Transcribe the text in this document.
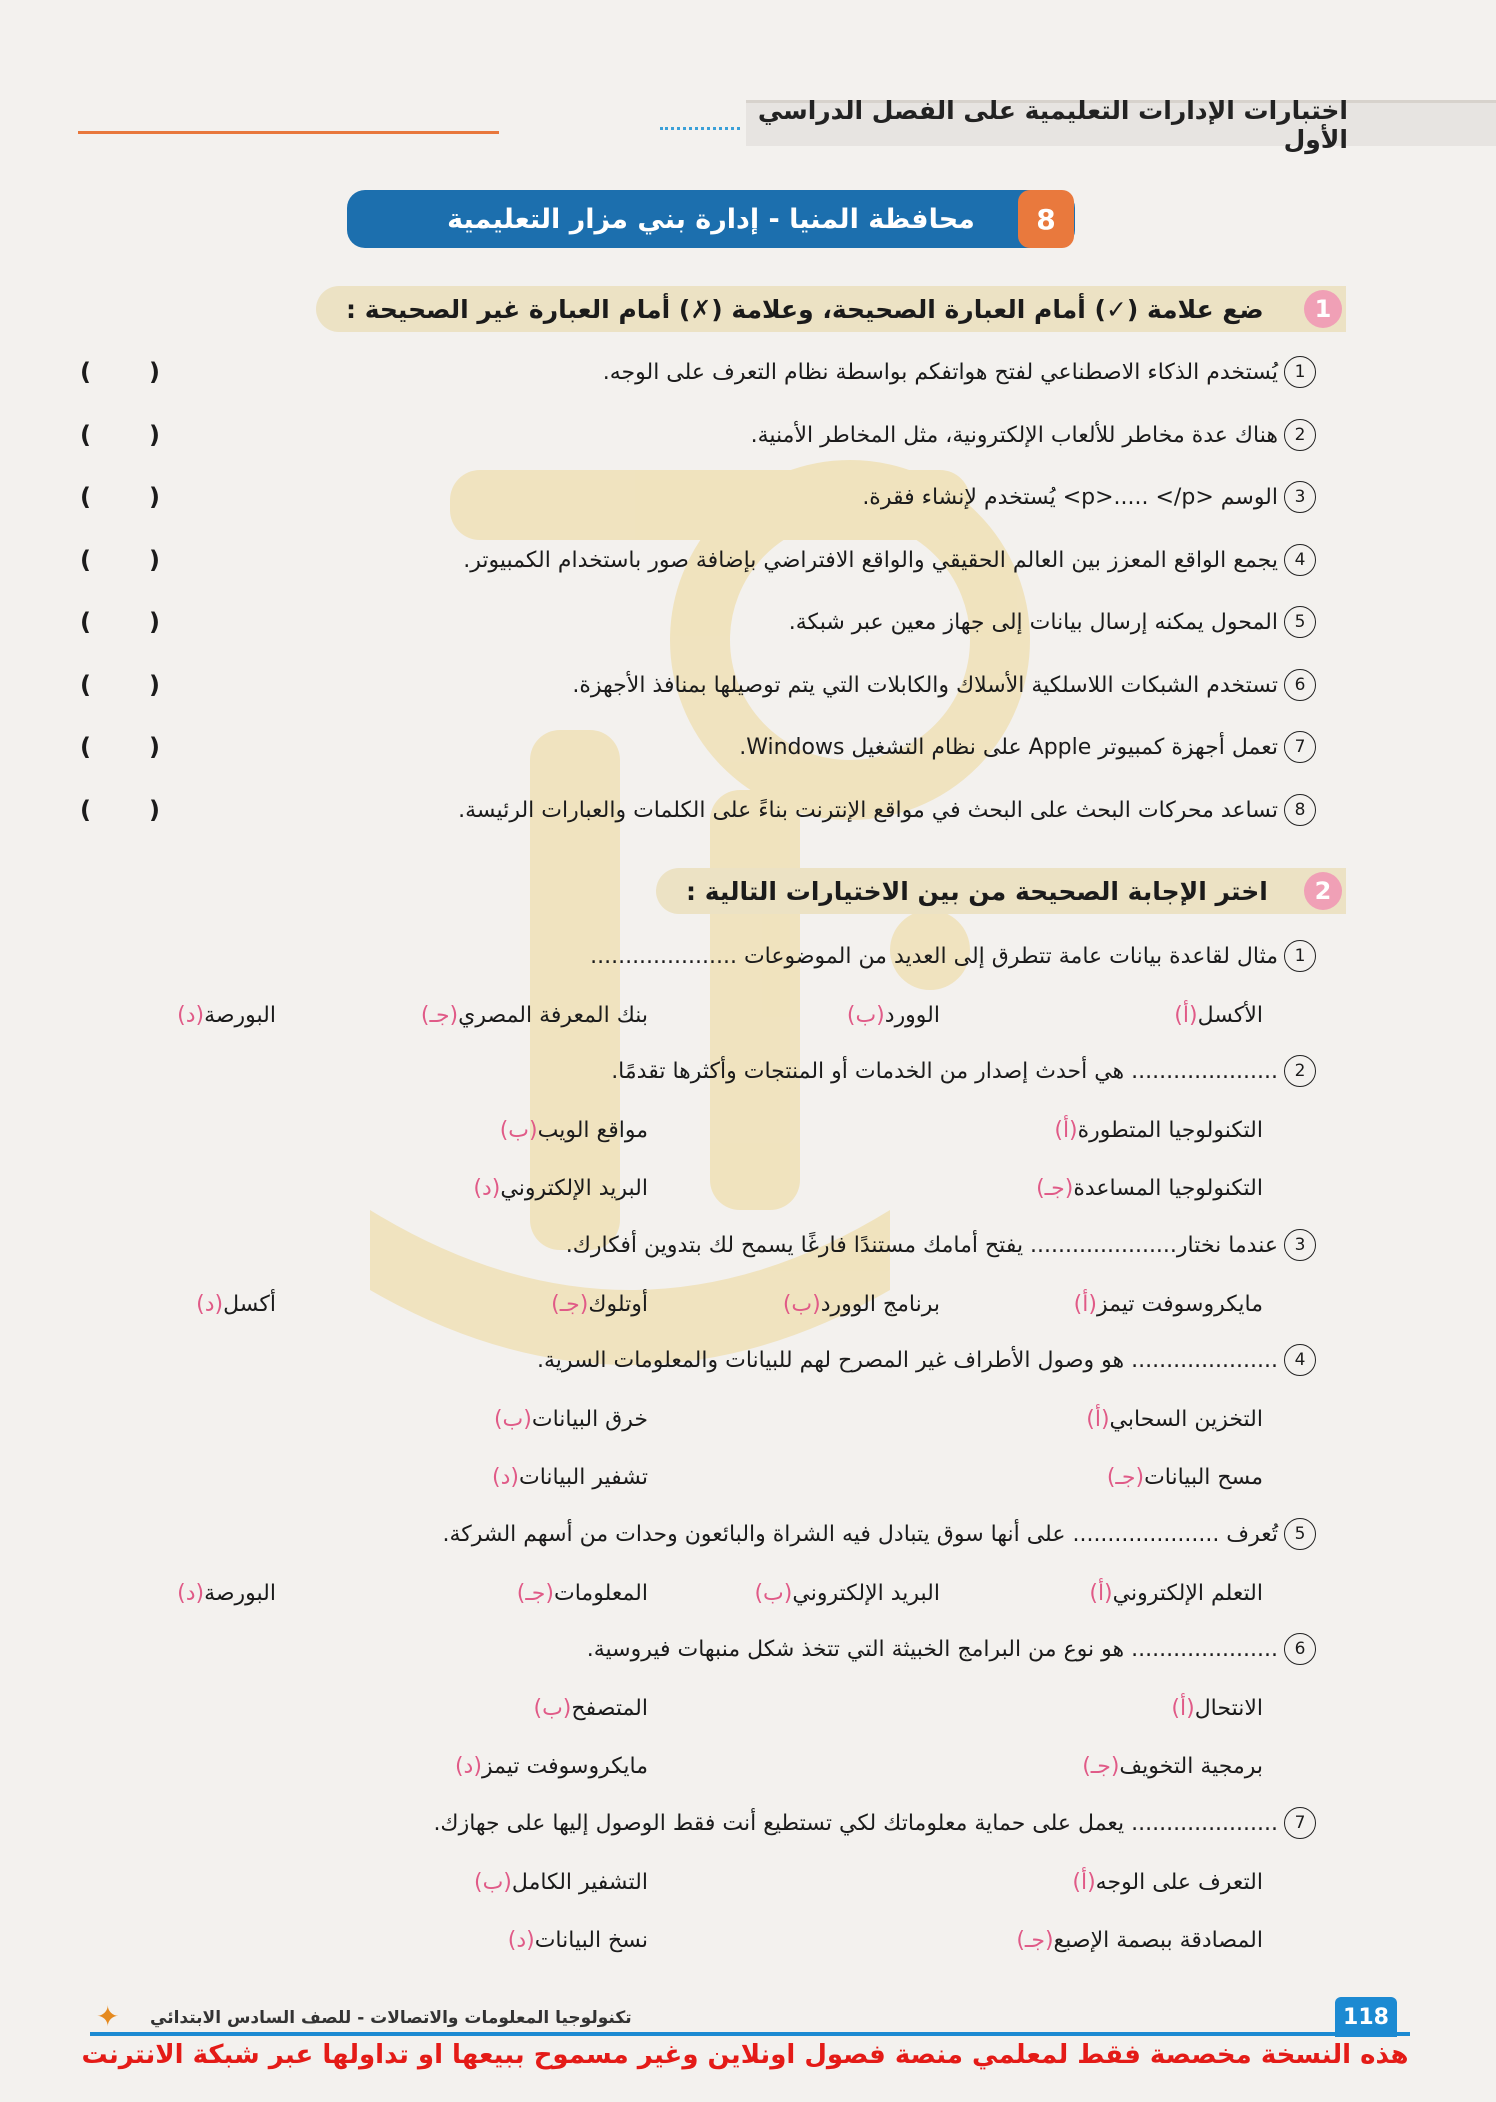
اختبارات الإدارات التعليمية على الفصل الدراسي الأول
محافظة المنيا - إدارة بني مزار التعليمية	8
ضع علامة (✓) أمام العبارة الصحيحة، وعلامة (✗) أمام العبارة غير الصحيحة :	1
1
يُستخدم الذكاء الاصطناعي لفتح هواتفكم بواسطة نظام التعرف على الوجه.
( )
2
هناك عدة مخاطر للألعاب الإلكترونية، مثل المخاطر الأمنية.
( )
3
الوسم <p>..... </p> يُستخدم لإنشاء فقرة.
( )
4
يجمع الواقع المعزز بين العالم الحقيقي والواقع الافتراضي بإضافة صور باستخدام الكمبيوتر.
( )
5
المحول يمكنه إرسال بيانات إلى جهاز معين عبر شبكة.
( )
6
تستخدم الشبكات اللاسلكية الأسلاك والكابلات التي يتم توصيلها بمنافذ الأجهزة.
( )
7
تعمل أجهزة كمبيوتر Apple على نظام التشغيل Windows.
( )
8
تساعد محركات البحث على البحث في مواقع الإنترنت بناءً على الكلمات والعبارات الرئيسة.
( )
اختر الإجابة الصحيحة من بين الاختيارات التالية :	2
1
مثال لقاعدة بيانات عامة تتطرق إلى العديد من الموضوعات .....................
(أ) الأكسل
(ب) الوورد
(جـ) بنك المعرفة المصري
(د) البورصة
2
..................... هي أحدث إصدار من الخدمات أو المنتجات وأكثرها تقدمًا.
(أ) التكنولوجيا المتطورة
(ب) مواقع الويب
(جـ) التكنولوجيا المساعدة
(د) البريد الإلكتروني
3
عندما نختار..................... يفتح أمامك مستندًا فارغًا يسمح لك بتدوين أفكارك.
(أ) مايكروسوفت تيمز
(ب) برنامج الوورد
(جـ) أوتلوك
(د) أكسل
4
..................... هو وصول الأطراف غير المصرح لهم للبيانات والمعلومات السرية.
(أ) التخزين السحابي
(ب) خرق البيانات
(جـ) مسح البيانات
(د) تشفير البيانات
5
تُعرف ..................... على أنها سوق يتبادل فيه الشراة والبائعون وحدات من أسهم الشركة.
(أ) التعلم الإلكتروني
(ب) البريد الإلكتروني
(جـ) المعلومات
(د) البورصة
6
..................... هو نوع من البرامج الخبيثة التي تتخذ شكل منبهات فيروسية.
(أ) الانتحال
(ب) المتصفح
(جـ) برمجية التخويف
(د) مايكروسوفت تيمز
7
..................... يعمل على حماية معلوماتك لكي تستطيع أنت فقط الوصول إليها على جهازك.
(أ) التعرف على الوجه
(ب) التشفير الكامل
(جـ) المصادقة ببصمة الإصبع
(د) نسخ البيانات
118
تكنولوجيا المعلومات والاتصالات - للصف السادس الابتدائي
✦
هذه النسخة مخصصة فقط لمعلمي منصة فصول اونلاين وغير مسموح ببيعها او تداولها عبر شبكة الانترنت
